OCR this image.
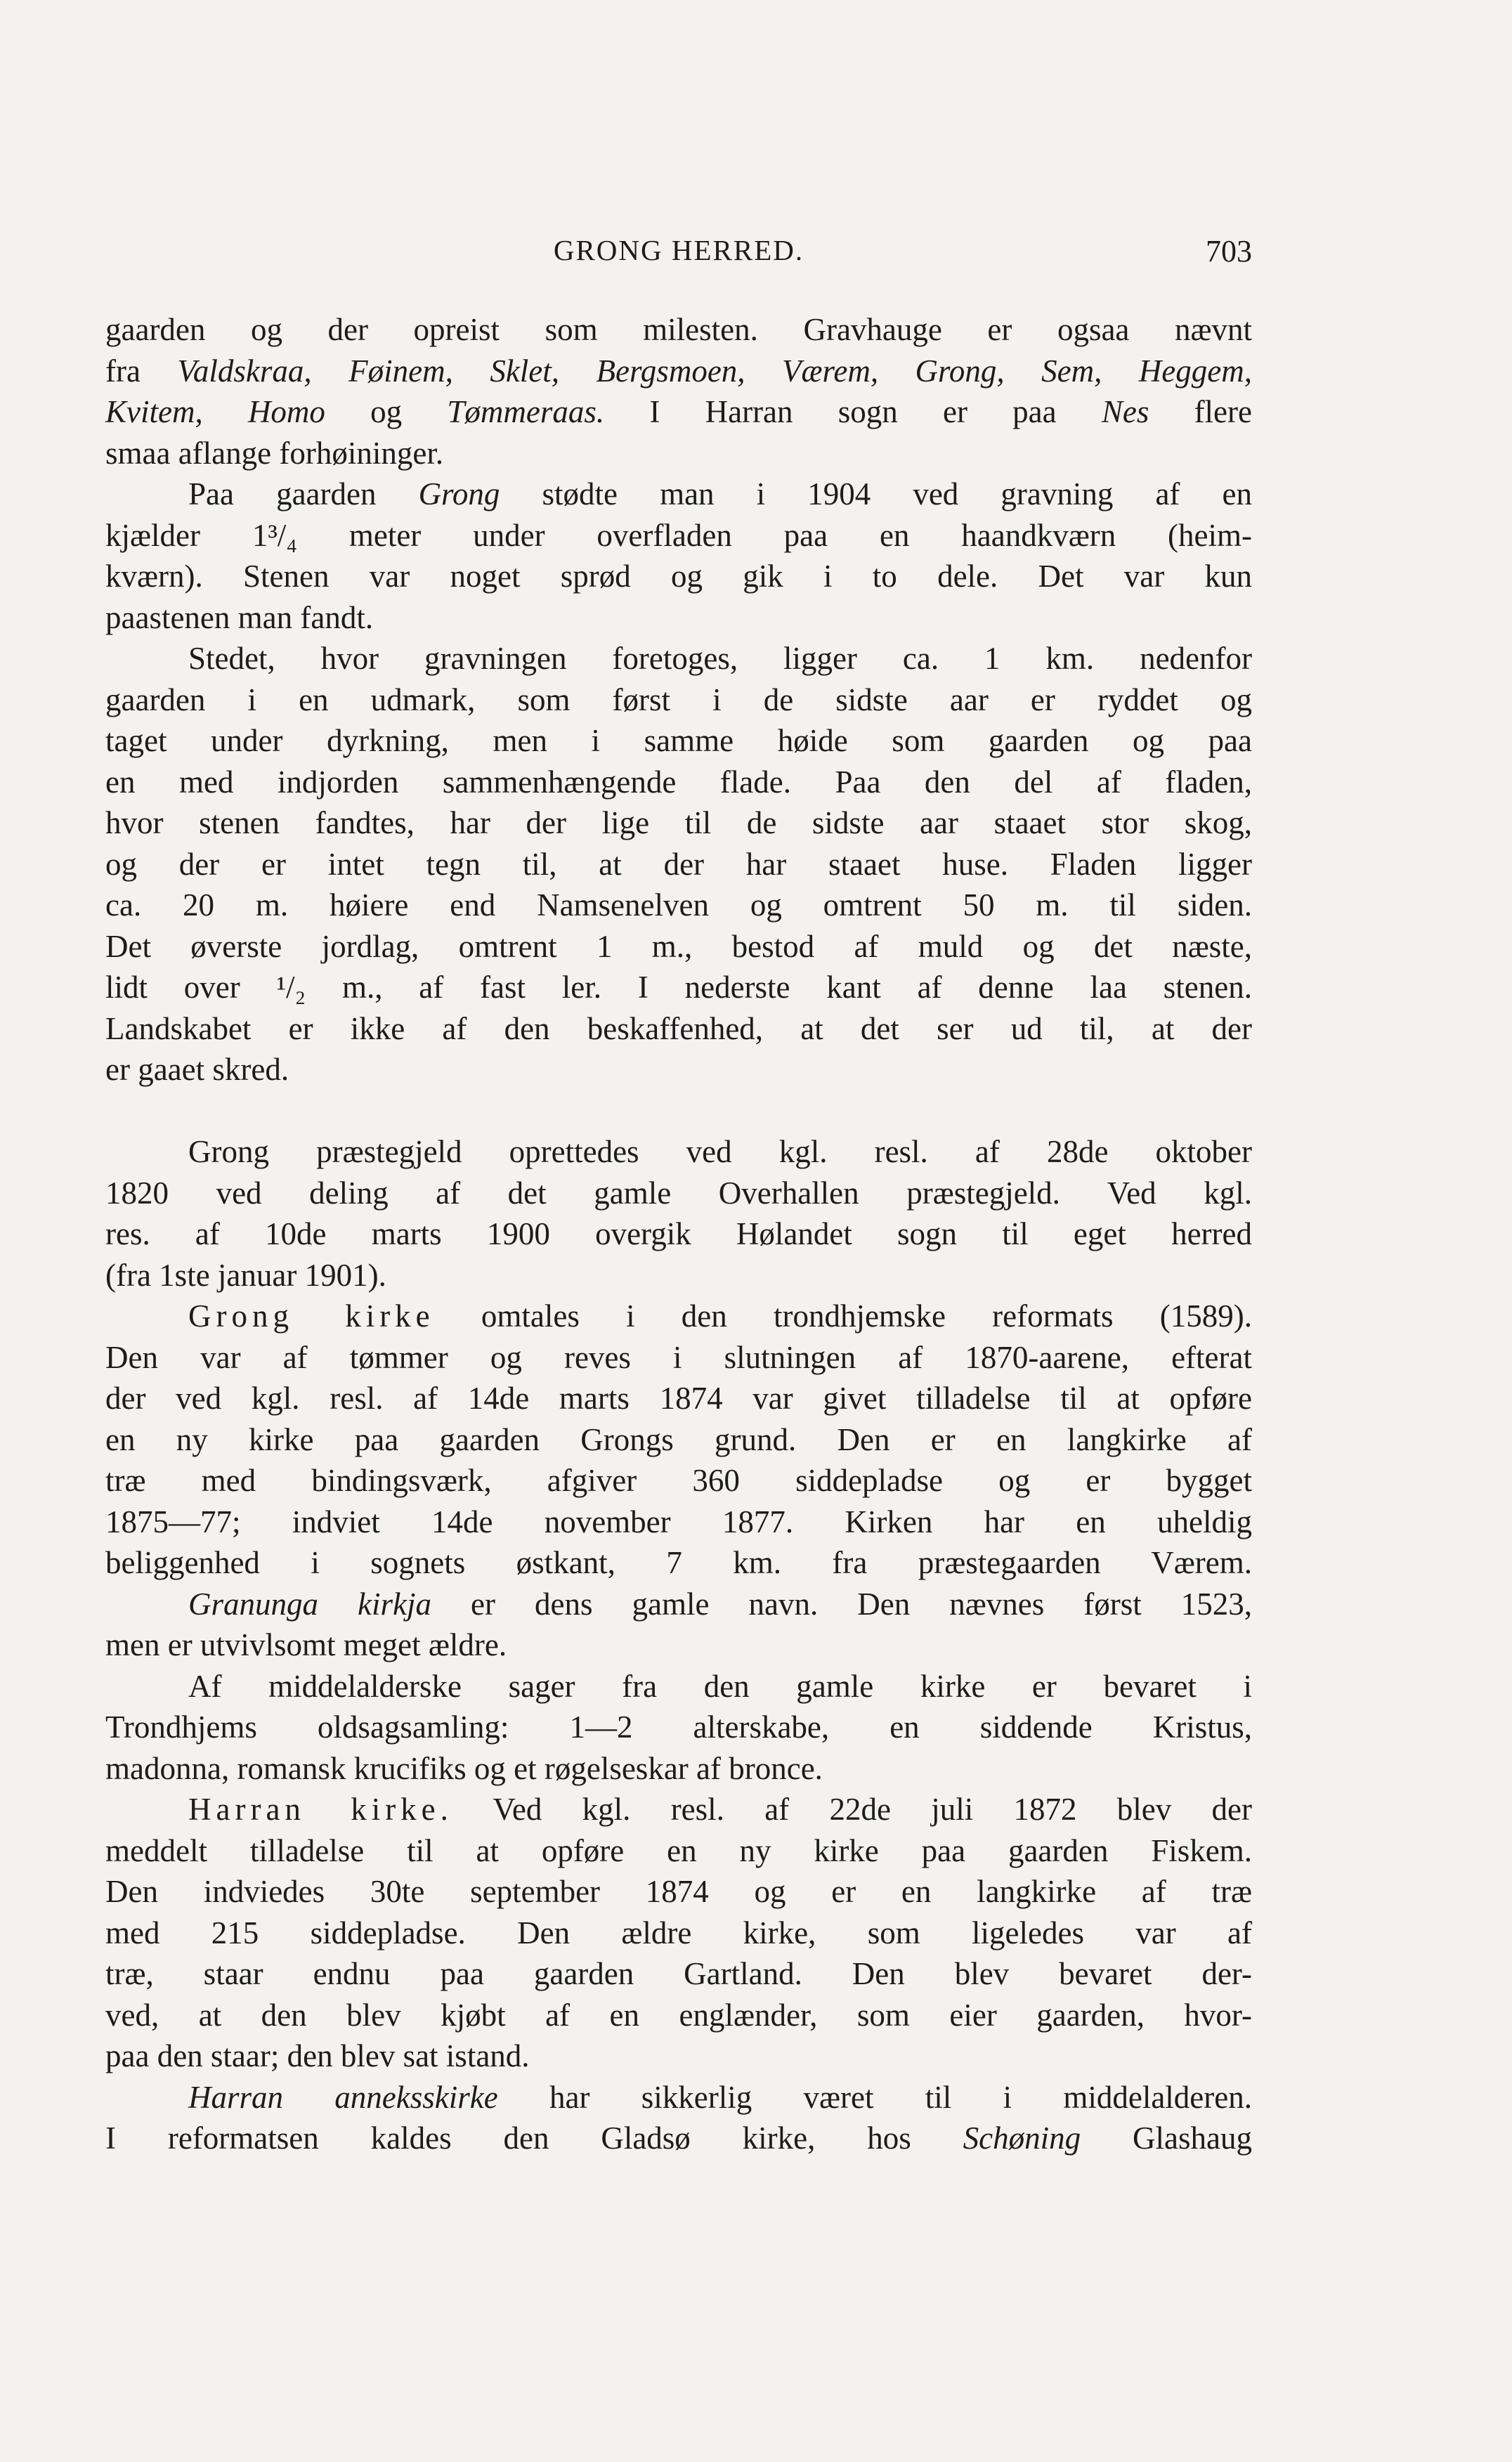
GRONG HERRED.	703
gaarden og der opreist som milesten. Gravhauge er ogsaa nævnt
fra Valdskraa, Føinem, Sklet, Bergsmoen, Værem, Grong, Sem, Heggem,
Kvitem, Homo og Tømmeraas. I Harran sogn er paa Nes flere
smaa aflange forhøininger.
Paa gaarden Grong stødte man i 1904 ved gravning af en
kjælder 1³/₄ meter under overfladen paa en haandkværn (heim-
kværn). Stenen var noget sprød og gik i to dele. Det var kun
paastenen man fandt.
Stedet, hvor gravningen foretoges, ligger ca. 1 km. nedenfor
gaarden i en udmark, som først i de sidste aar er ryddet og
taget under dyrkning, men i samme høide som gaarden og paa
en med indjorden sammenhængende flade. Paa den del af fladen,
hvor stenen fandtes, har der lige til de sidste aar staaet stor skog,
og der er intet tegn til, at der har staaet huse. Fladen ligger
ca. 20 m. høiere end Namsenelven og omtrent 50 m. til siden.
Det øverste jordlag, omtrent 1 m., bestod af muld og det næste,
lidt over ¹/₂ m., af fast ler. I nederste kant af denne laa stenen.
Landskabet er ikke af den beskaffenhed, at det ser ud til, at der
er gaaet skred.
Grong præstegjeld oprettedes ved kgl. resl. af 28de oktober
1820 ved deling af det gamle Overhallen præstegjeld. Ved kgl.
res. af 10de marts 1900 overgik Hølandet sogn til eget herred
(fra 1ste januar 1901).
Grong kirke omtales i den trondhjemske reformats (1589).
Den var af tømmer og reves i slutningen af 1870-aarene, efterat
der ved kgl. resl. af 14de marts 1874 var givet tilladelse til at opføre
en ny kirke paa gaarden Grongs grund. Den er en langkirke af
træ med bindingsværk, afgiver 360 siddepladse og er bygget
1875—77; indviet 14de november 1877. Kirken har en uheldig
beliggenhed i sognets østkant, 7 km. fra præstegaarden Værem.
Granunga kirkja er dens gamle navn. Den nævnes først 1523,
men er utvivlsomt meget ældre.
Af middelalderske sager fra den gamle kirke er bevaret i
Trondhjems oldsagsamling: 1—2 alterskabe, en siddende Kristus,
madonna, romansk krucifiks og et røgelseskar af bronce.
Harran kirke. Ved kgl. resl. af 22de juli 1872 blev der
meddelt tilladelse til at opføre en ny kirke paa gaarden Fiskem.
Den indviedes 30te september 1874 og er en langkirke af træ
med 215 siddepladse. Den ældre kirke, som ligeledes var af
træ, staar endnu paa gaarden Gartland. Den blev bevaret der-
ved, at den blev kjøbt af en englænder, som eier gaarden, hvor-
paa den staar; den blev sat istand.
Harran anneksskirke har sikkerlig været til i middelalderen.
I reformatsen kaldes den Gladsø kirke, hos Schøning Glashaug
